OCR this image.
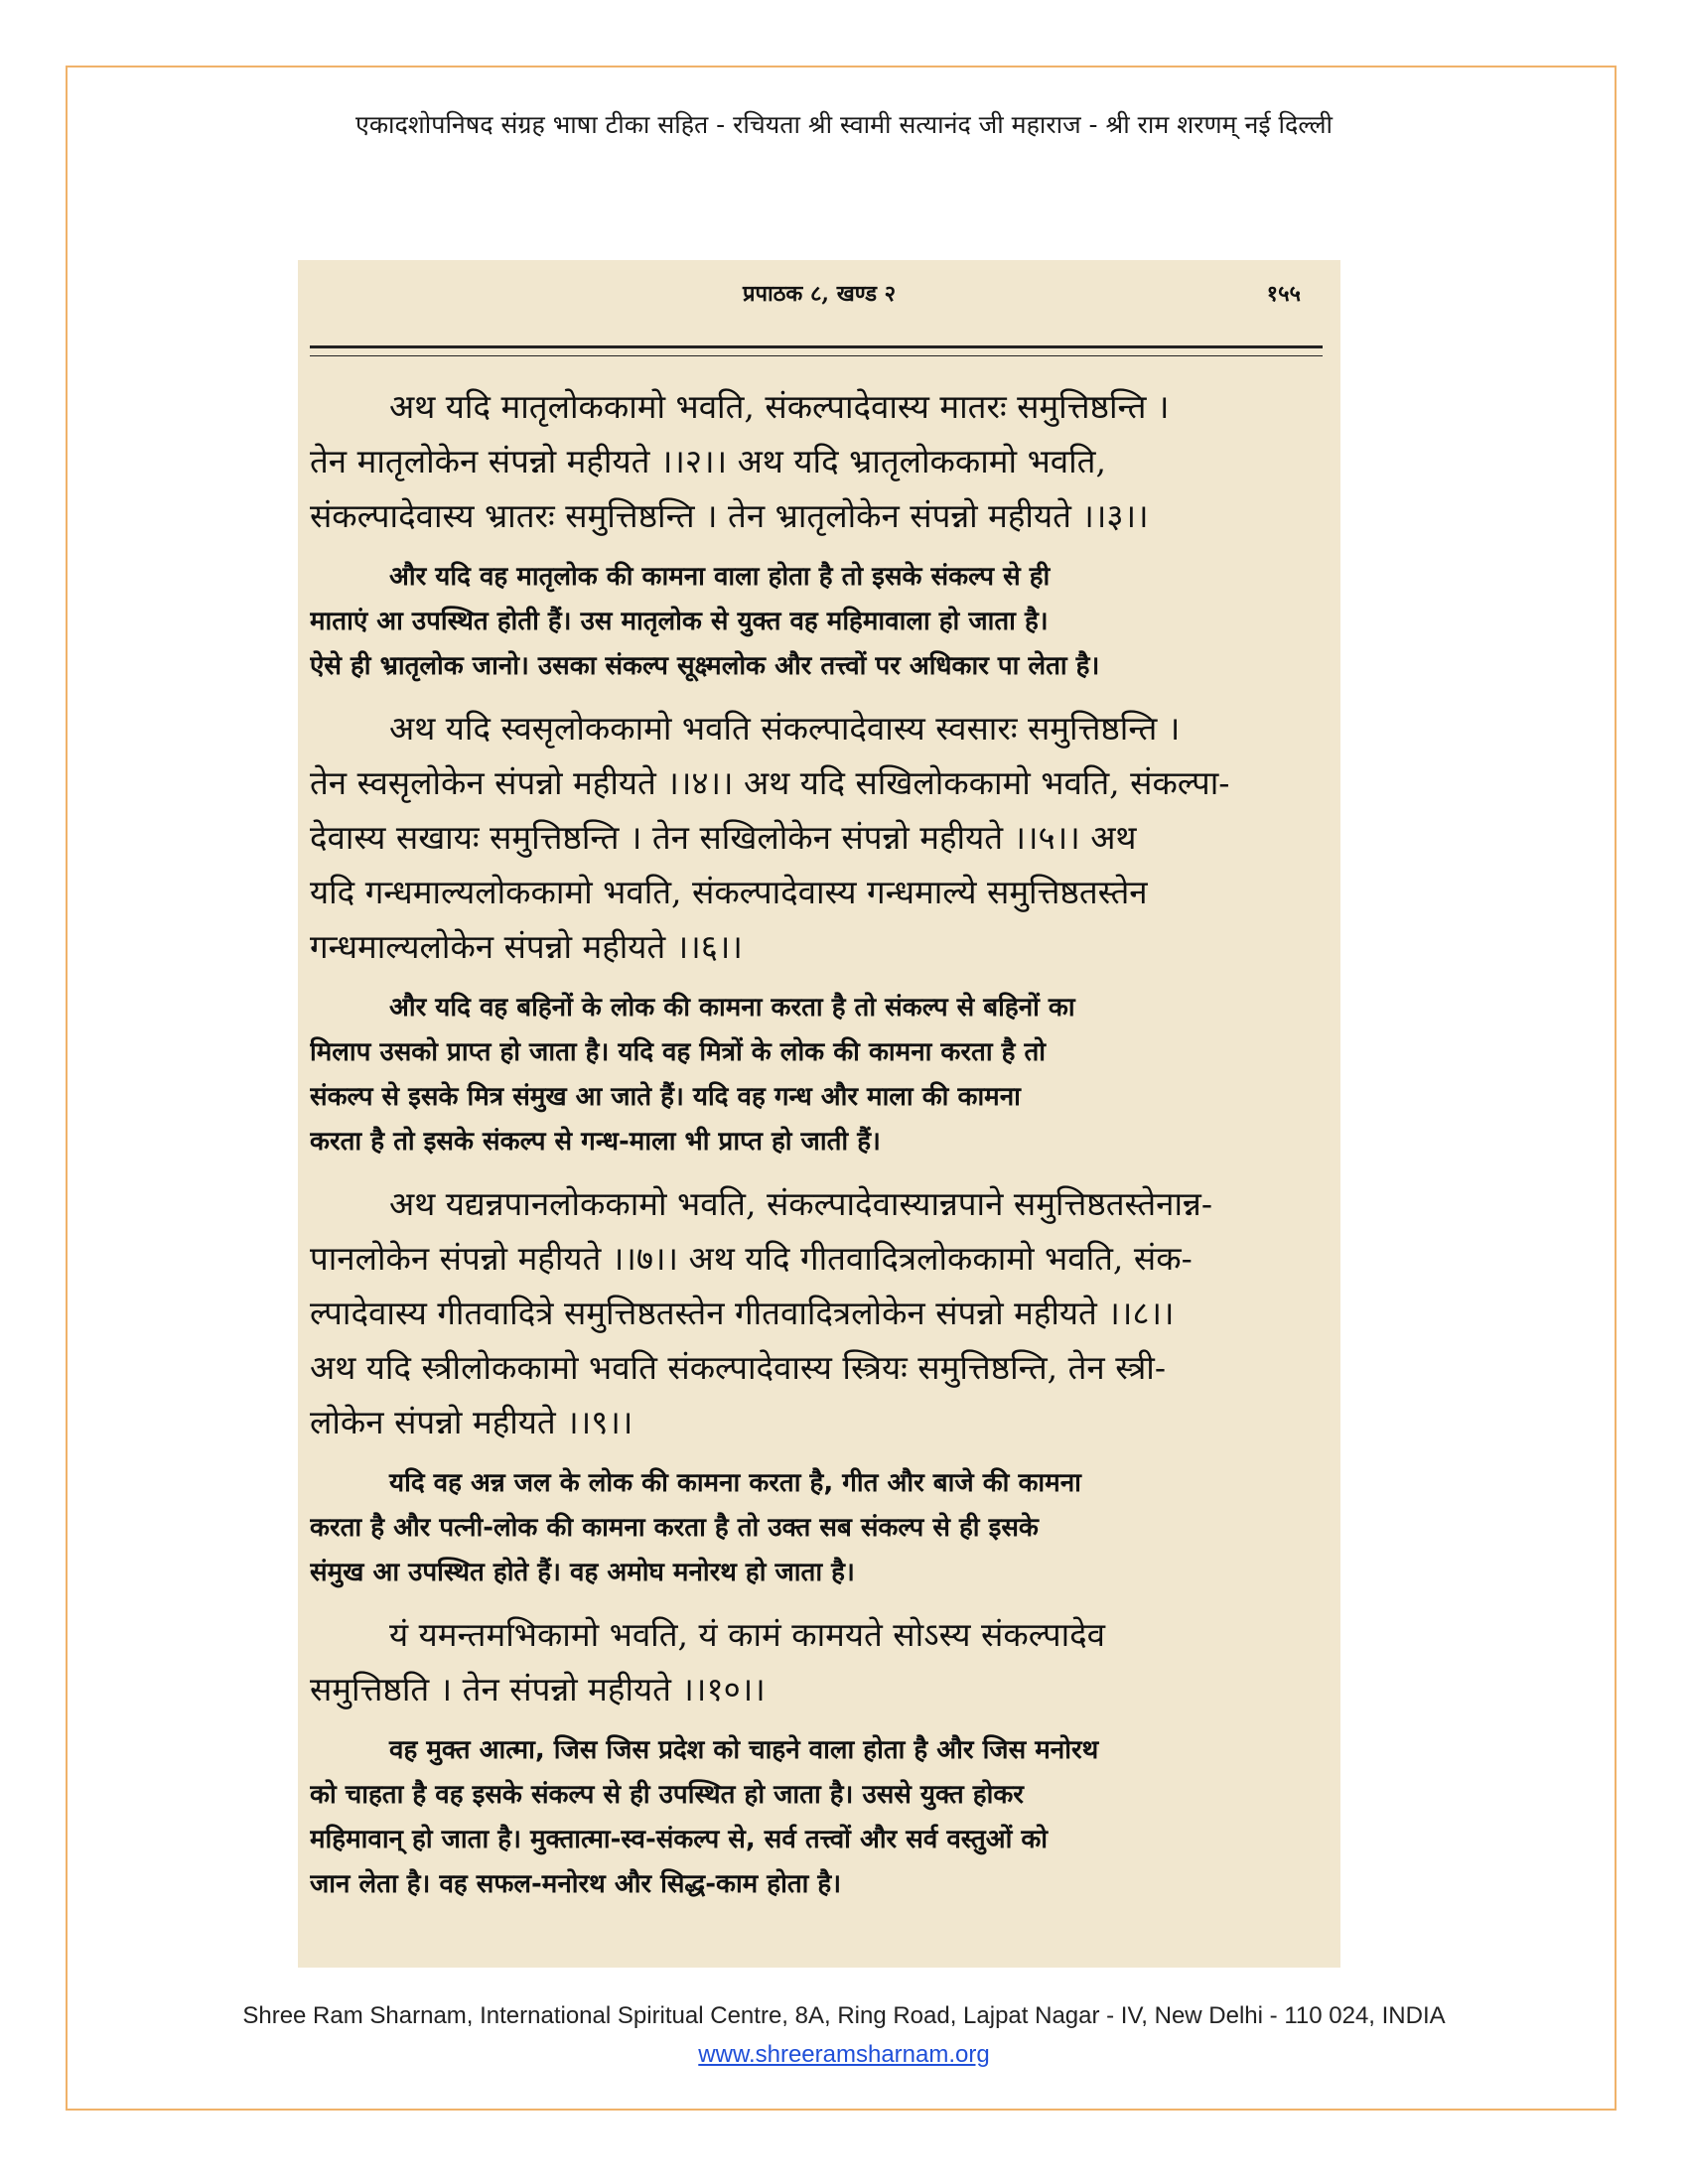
एकादशोपनिषद संग्रह भाषा टीका सहित - रचियता श्री स्वामी सत्यानंद जी महाराज - श्री राम शरणम् नई दिल्ली
प्रपाठक ८, खण्ड २	१५५
अथ यदि मातृलोककामो भवति, संकल्पादेवास्य मातरः समुत्तिष्ठन्ति ।
तेन मातृलोकेन संपन्नो महीयते ।।२।। अथ यदि भ्रातृलोककामो भवति,
संकल्पादेवास्य भ्रातरः समुत्तिष्ठन्ति । तेन भ्रातृलोकेन संपन्नो महीयते ।।३।।
और यदि वह मातृलोक की कामना वाला होता है तो इसके संकल्प से ही
माताएं आ उपस्थित होती हैं। उस मातृलोक से युक्त वह महिमावाला हो जाता है।
ऐसे ही भ्रातृलोक जानो। उसका संकल्प सूक्ष्मलोक और तत्त्वों पर अधिकार पा लेता है।
अथ यदि स्वसृलोककामो भवति संकल्पादेवास्य स्वसारः समुत्तिष्ठन्ति ।
तेन स्वसृलोकेन संपन्नो महीयते ।।४।। अथ यदि सखिलोककामो भवति, संकल्पा-
देवास्य सखायः समुत्तिष्ठन्ति । तेन सखिलोकेन संपन्नो महीयते ।।५।। अथ
यदि गन्धमाल्यलोककामो भवति, संकल्पादेवास्य गन्धमाल्ये समुत्तिष्ठतस्तेन
गन्धमाल्यलोकेन संपन्नो महीयते ।।६।।
और यदि वह बहिनों के लोक की कामना करता है तो संकल्प से बहिनों का
मिलाप उसको प्राप्त हो जाता है। यदि वह मित्रों के लोक की कामना करता है तो
संकल्प से इसके मित्र संमुख आ जाते हैं। यदि वह गन्ध और माला की कामना
करता है तो इसके संकल्प से गन्ध-माला भी प्राप्त हो जाती हैं।
अथ यद्यन्नपानलोककामो भवति, संकल्पादेवास्यान्नपाने समुत्तिष्ठतस्तेनान्न-
पानलोकेन संपन्नो महीयते ।।७।। अथ यदि गीतवादित्रलोककामो भवति, संक-
ल्पादेवास्य गीतवादित्रे समुत्तिष्ठतस्तेन गीतवादित्रलोकेन संपन्नो महीयते ।।८।।
अथ यदि स्त्रीलोककामो भवति संकल्पादेवास्य स्त्रियः समुत्तिष्ठन्ति, तेन स्त्री-
लोकेन संपन्नो महीयते ।।९।।
यदि वह अन्न जल के लोक की कामना करता है, गीत और बाजे की कामना
करता है और पत्नी-लोक की कामना करता है तो उक्त सब संकल्प से ही इसके
संमुख आ उपस्थित होते हैं। वह अमोघ मनोरथ हो जाता है।
यं यमन्तमभिकामो भवति, यं कामं कामयते सोऽस्य संकल्पादेव
समुत्तिष्ठति । तेन संपन्नो महीयते ।।१०।।
वह मुक्त आत्मा, जिस जिस प्रदेश को चाहने वाला होता है और जिस मनोरथ
को चाहता है वह इसके संकल्प से ही उपस्थित हो जाता है। उससे युक्त होकर
महिमावान् हो जाता है। मुक्तात्मा-स्व-संकल्प से, सर्व तत्त्वों और सर्व वस्तुओं को
जान लेता है। वह सफल-मनोरथ और सिद्ध-काम होता है।
Shree Ram Sharnam, International Spiritual Centre, 8A, Ring Road, Lajpat Nagar - IV, New Delhi - 110 024, INDIA
www.shreeramsharnam.org
